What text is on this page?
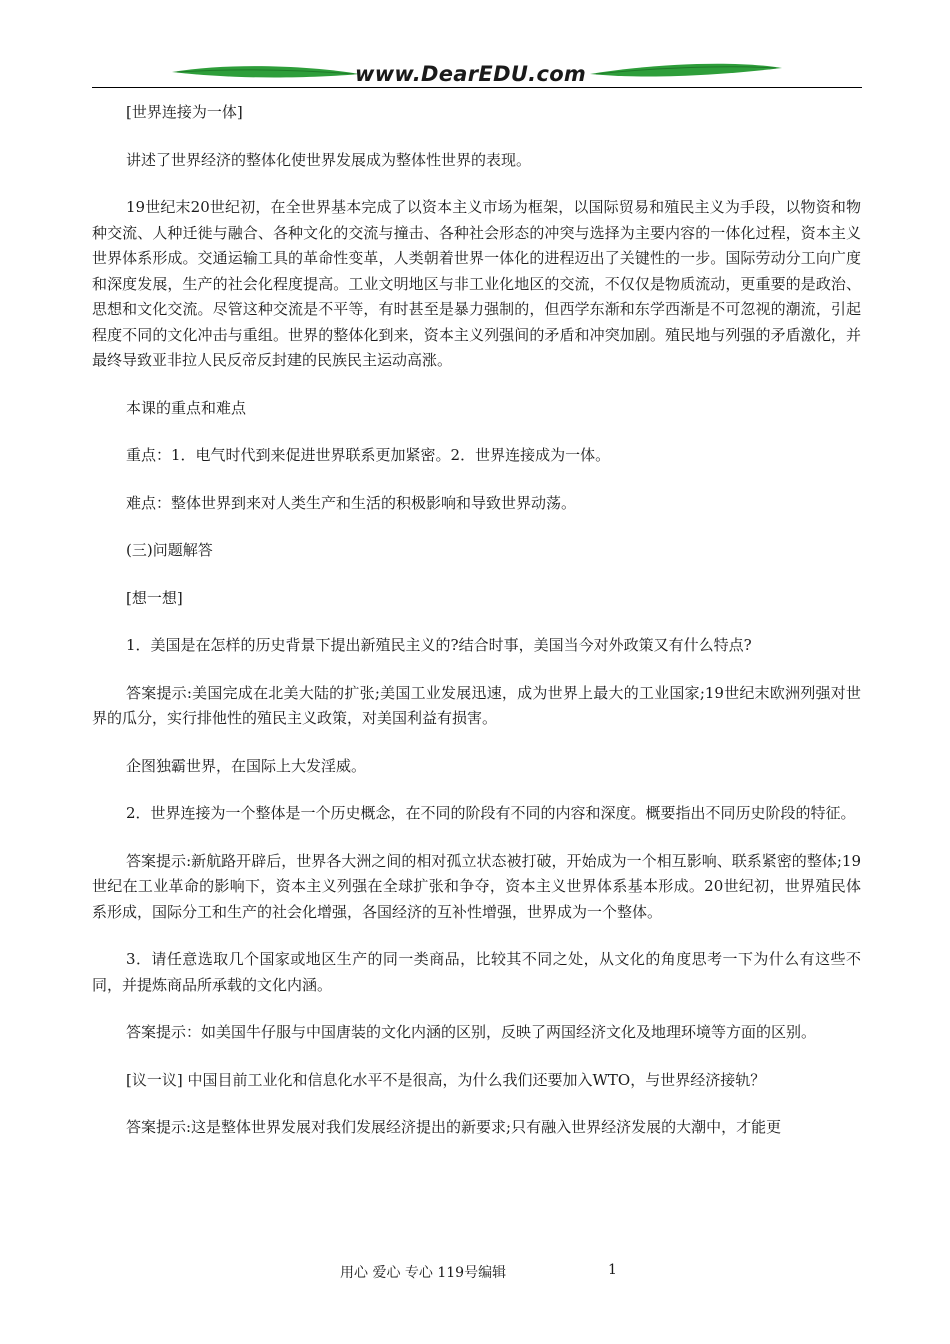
www.DearEDU.com

[世界连接为一体]

讲述了世界经济的整体化使世界发展成为整体性世界的表现。

19世纪末20世纪初，在全世界基本完成了以资本主义市场为框架，以国际贸易和殖民主义为手段，以物资和物种交流、人种迁徙与融合、各种文化的交流与撞击、各种社会形态的冲突与选择为主要内容的一体化过程，资本主义世界体系形成。交通运输工具的革命性变革，人类朝着世界一体化的进程迈出了关键性的一步。国际劳动分工向广度和深度发展，生产的社会化程度提高。工业文明地区与非工业化地区的交流，不仅仅是物质流动，更重要的是政治、思想和文化交流。尽管这种交流是不平等，有时甚至是暴力强制的，但西学东渐和东学西渐是不可忽视的潮流，引起程度不同的文化冲击与重组。世界的整体化到来，资本主义列强间的矛盾和冲突加剧。殖民地与列强的矛盾激化，并最终导致亚非拉人民反帝反封建的民族民主运动高涨。

本课的重点和难点

重点：1．电气时代到来促进世界联系更加紧密。2．世界连接成为一体。

难点：整体世界到来对人类生产和生活的积极影响和导致世界动荡。

(三)问题解答

[想一想]

1．美国是在怎样的历史背景下提出新殖民主义的?结合时事，美国当今对外政策又有什么特点?

答案提示:美国完成在北美大陆的扩张;美国工业发展迅速，成为世界上最大的工业国家;19世纪末欧洲列强对世界的瓜分，实行排他性的殖民主义政策，对美国利益有损害。

企图独霸世界，在国际上大发淫威。

2．世界连接为一个整体是一个历史概念，在不同的阶段有不同的内容和深度。概要指出不同历史阶段的特征。

答案提示:新航路开辟后，世界各大洲之间的相对孤立状态被打破，开始成为一个相互影响、联系紧密的整体;19世纪在工业革命的影响下，资本主义列强在全球扩张和争夺，资本主义世界体系基本形成。20世纪初，世界殖民体系形成，国际分工和生产的社会化增强，各国经济的互补性增强，世界成为一个整体。

3．请任意选取几个国家或地区生产的同一类商品，比较其不同之处，从文化的角度思考一下为什么有这些不同，并提炼商品所承载的文化内涵。

答案提示：如美国牛仔服与中国唐装的文化内涵的区别，反映了两国经济文化及地理环境等方面的区别。

[议一议] 中国目前工业化和信息化水平不是很高，为什么我们还要加入WTO，与世界经济接轨？

答案提示:这是整体世界发展对我们发展经济提出的新要求;只有融入世界经济发展的大潮中，才能更

用心 爱心 专心 119号编辑	1
